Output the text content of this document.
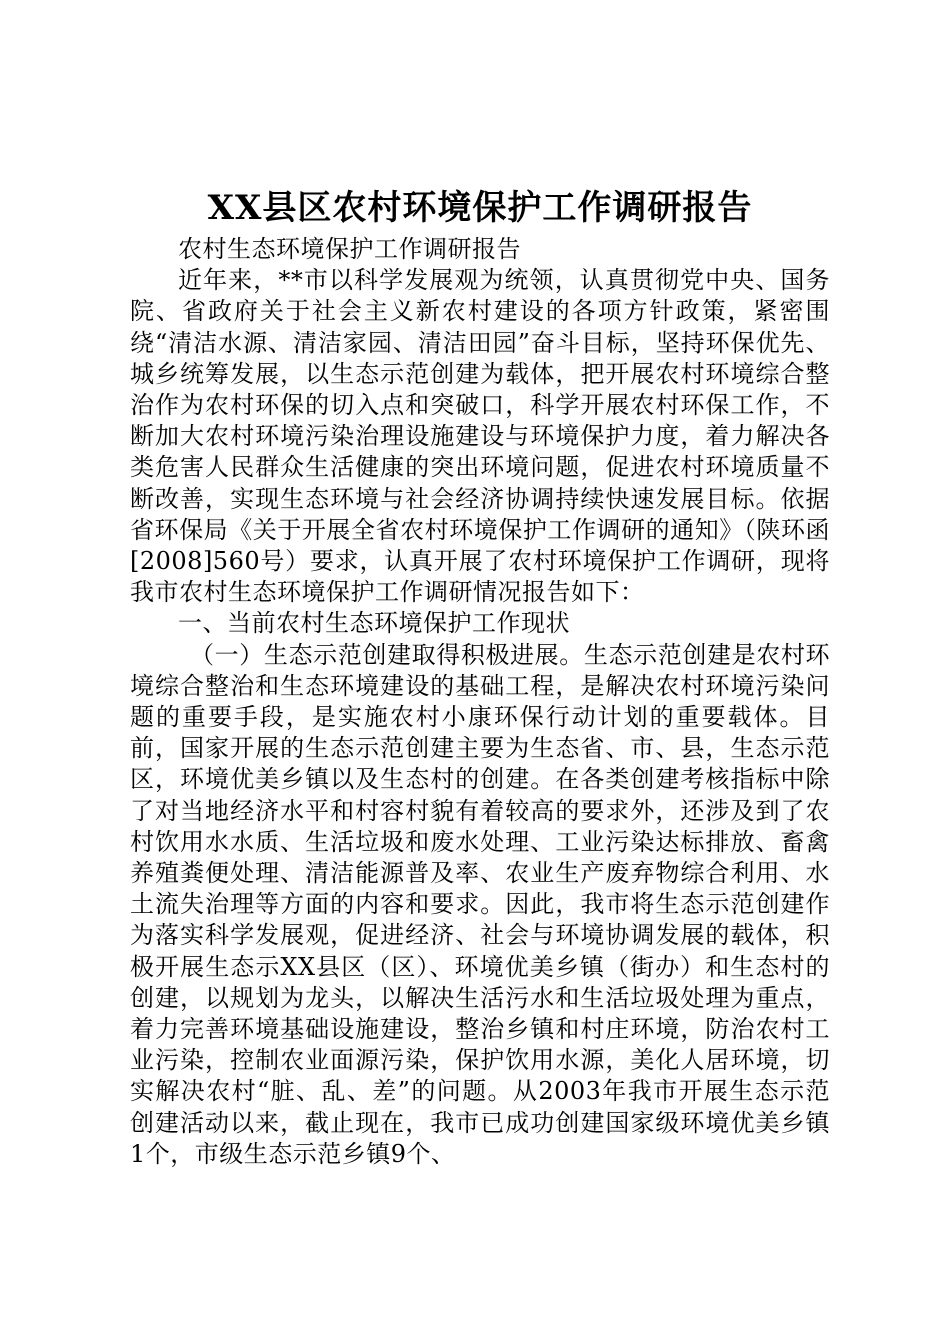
XX县区农村环境保护工作调研报告

农村生态环境保护工作调研报告

近年来，**市以科学发展观为统领，认真贯彻党中央、国务院、省政府关于社会主义新农村建设的各项方针政策，紧密围绕“清洁水源、清洁家园、清洁田园”奋斗目标，坚持环保优先、城乡统筹发展，以生态示范创建为载体，把开展农村环境综合整治作为农村环保的切入点和突破口，科学开展农村环保工作，不断加大农村环境污染治理设施建设与环境保护力度，着力解决各类危害人民群众生活健康的突出环境问题，促进农村环境质量不断改善，实现生态环境与社会经济协调持续快速发展目标。依据省环保局《关于开展全省农村环境保护工作调研的通知》（陕环函[2008]560号）要求，认真开展了农村环境保护工作调研，现将我市农村生态环境保护工作调研情况报告如下：

一、当前农村生态环境保护工作现状

（一）生态示范创建取得积极进展。生态示范创建是农村环境综合整治和生态环境建设的基础工程，是解决农村环境污染问题的重要手段，是实施农村小康环保行动计划的重要载体。目前，国家开展的生态示范创建主要为生态省、市、县，生态示范区，环境优美乡镇以及生态村的创建。在各类创建考核指标中除了对当地经济水平和村容村貌有着较高的要求外，还涉及到了农村饮用水水质、生活垃圾和废水处理、工业污染达标排放、畜禽养殖粪便处理、清洁能源普及率、农业生产废弃物综合利用、水土流失治理等方面的内容和要求。因此，我市将生态示范创建作为落实科学发展观，促进经济、社会与环境协调发展的载体，积极开展生态示XX县区（区）、环境优美乡镇（街办）和生态村的创建，以规划为龙头，以解决生活污水和生活垃圾处理为重点，着力完善环境基础设施建设，整治乡镇和村庄环境，防治农村工业污染，控制农业面源污染，保护饮用水源，美化人居环境，切实解决农村“脏、乱、差”的问题。从2003年我市开展生态示范创建活动以来，截止现在，我市已成功创建国家级环境优美乡镇1个，市级生态示范乡镇9个、
